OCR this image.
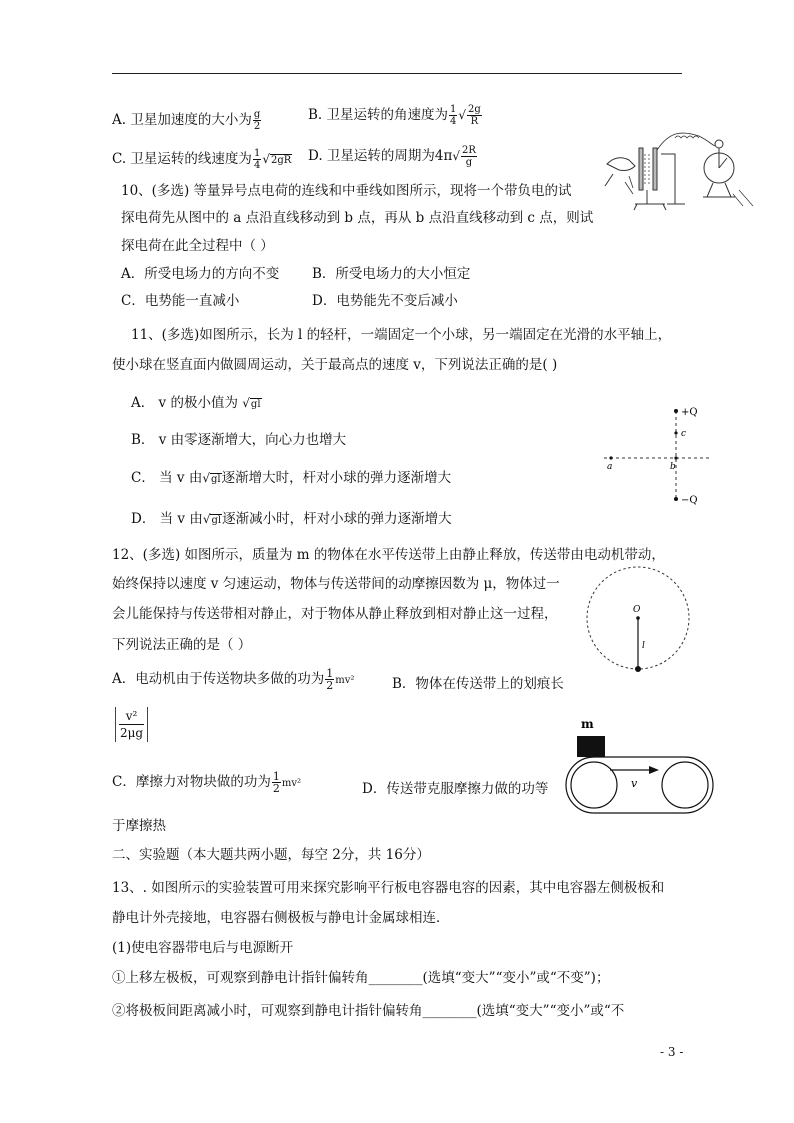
A. 卫星加速度的大小为 $\frac{g}{2}$	B. 卫星运转的角速度为 $\frac{1}{4}$ √ $\frac{2g}{R}$
C. 卫星运转的线速度为 $\frac{1}{4} √2gR$ D. 卫星运转的周期为$4\pi√ \frac{2R}{g}$
10、(多选) 等量异号点电荷的连线和中垂线如图所示，现将一个带负电的试
探电荷先从图中的 a 点沿直线移动到 b 点，再从 b 点沿直线移动到 c 点，则试
探电荷在此全过程中（ ）
A．所受电场力的方向不变 B．所受电场力的大小恒定
C．电势能一直减小	D．电势能先不变后减小
11、(多选)如图所示，长为 l 的轻杆，一端固定一个小球，另一端固定在光滑的水平轴上，
使小球在竖直面内做圆周运动，关于最高点的速度 v，下列说法正确的是( )
A． v 的极小值为 √gl
B． v 由零逐渐增大，向心力也增大
C． 当 v 由√gl逐渐增大时，杆对小球的弹力逐渐增大
D． 当 v 由√gl逐渐减小时，杆对小球的弹力逐渐增大
12、(多选) 如图所示，质量为 m 的物体在水平传送带上由静止释放，传送带由电动机带动，
始终保持以速度 v 匀速运动，物体与传送带间的动摩擦因数为 μ，物体过一
会儿能保持与传送带相对静止，对于物体从静止释放到相对静止这一过程，
下列说法正确的是（ ）
A．电动机由于传送物块多做的功为 $\frac{1}{2} mv^2$	B．物体在传送带上的划痕长
$\frac{\text{v²}}{2\mu g}$
C．摩擦力对物块做的功为 $\frac{1}{2} mv^2$	D．传送带克服摩擦力做的功等
于摩擦热
二、实验题（本大题共两小题，每空 2分，共 16分）
13、. 如图所示的实验装置可用来探究影响平行板电容器电容的因素，其中电容器左侧极板和
静电计外壳接地，电容器右侧极板与静电计金属球相连．
(1)使电容器带电后与电源断开
①上移左极板，可观察到静电计指针偏转角________(选填“变大”“变小”或“不变”)；
②将极板间距离减小时，可观察到静电计指针偏转角________(选填“变大”“变小”或“不
+Q
−Q
c
a	b
O
l
m
v
- 3 -
